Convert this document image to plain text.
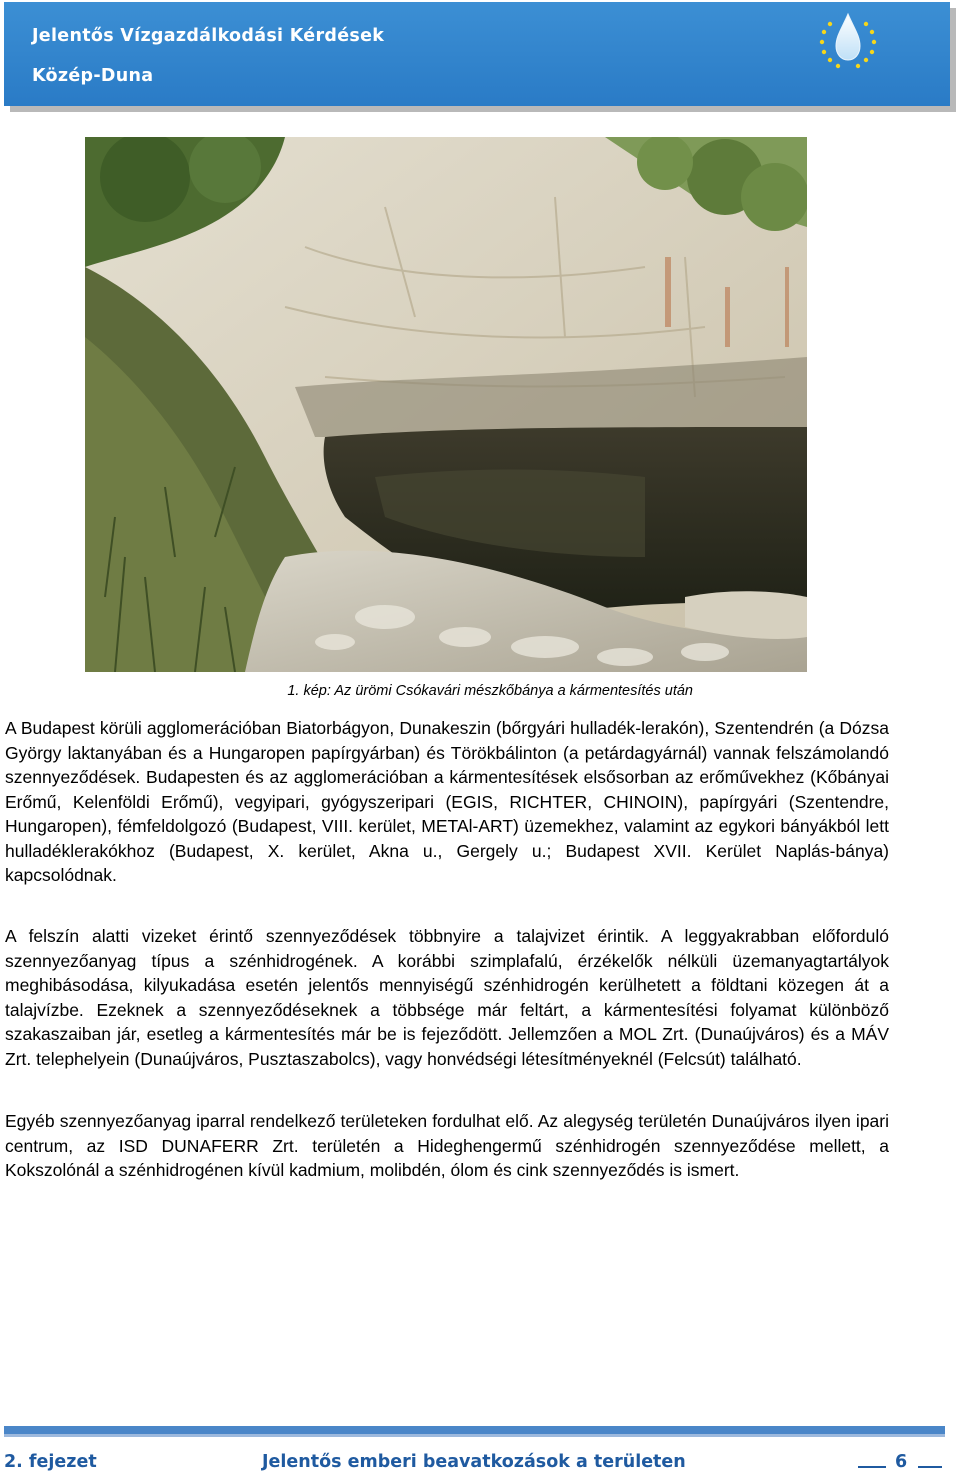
Jelentős Vízgazdálkodási Kérdések
Közép-Duna
1. kép: Az ürömi Csókavári mészkőbánya a kármentesítés után

A Budapest körüli agglomerációban Biatorbágyon, Dunakeszin (bőrgyári hulladék-lerakón), Szentendrén (a Dózsa György laktanyában és a Hungaropen papírgyárban) és Törökbálinton (a petárdagyárnál) vannak felszámolandó szennyeződések. Budapesten és az agglomerációban a kármentesítések elsősorban az erőművekhez (Kőbányai Erőmű, Kelenföldi Erőmű), vegyipari, gyógyszeripari (EGIS, RICHTER, CHINOIN), papírgyári (Szentendre, Hungaropen), fémfeldolgozó (Budapest, VIII. kerület, METAl-ART) üzemekhez, valamint az egykori bányákból lett hulladéklerakókhoz (Budapest, X. kerület, Akna u., Gergely u.; Budapest XVII. Kerület Naplás-bánya) kapcsolódnak.

A felszín alatti vizeket érintő szennyeződések többnyire a talajvizet érintik. A leggyakrabban előforduló szennyezőanyag típus a szénhidrogének. A korábbi szimplafalú, érzékelők nélküli üzemanyagtartályok meghibásodása, kilyukadása esetén jelentős mennyiségű szénhidrogén kerülhetett a földtani közegen át a talajvízbe. Ezeknek a szennyeződéseknek a többsége már feltárt, a kármentesítési folyamat különböző szakaszaiban jár, esetleg a kármentesítés már be is fejeződött. Jellemzően a MOL Zrt. (Dunaújváros) és a MÁV Zrt. telephelyein (Dunaújváros, Pusztaszabolcs), vagy honvédségi létesítményeknél (Felcsút) található.

Egyéb szennyezőanyag iparral rendelkező területeken fordulhat elő. Az alegység területén Dunaújváros ilyen ipari centrum, az ISD DUNAFERR Zrt. területén a Hideghengermű szénhidrogén szennyeződése mellett, a Kokszolónál a szénhidrogénen kívül kadmium, molibdén, ólom és cink szennyeződés is ismert.

2. fejezet	Jelentős emberi beavatkozások a területen	6
